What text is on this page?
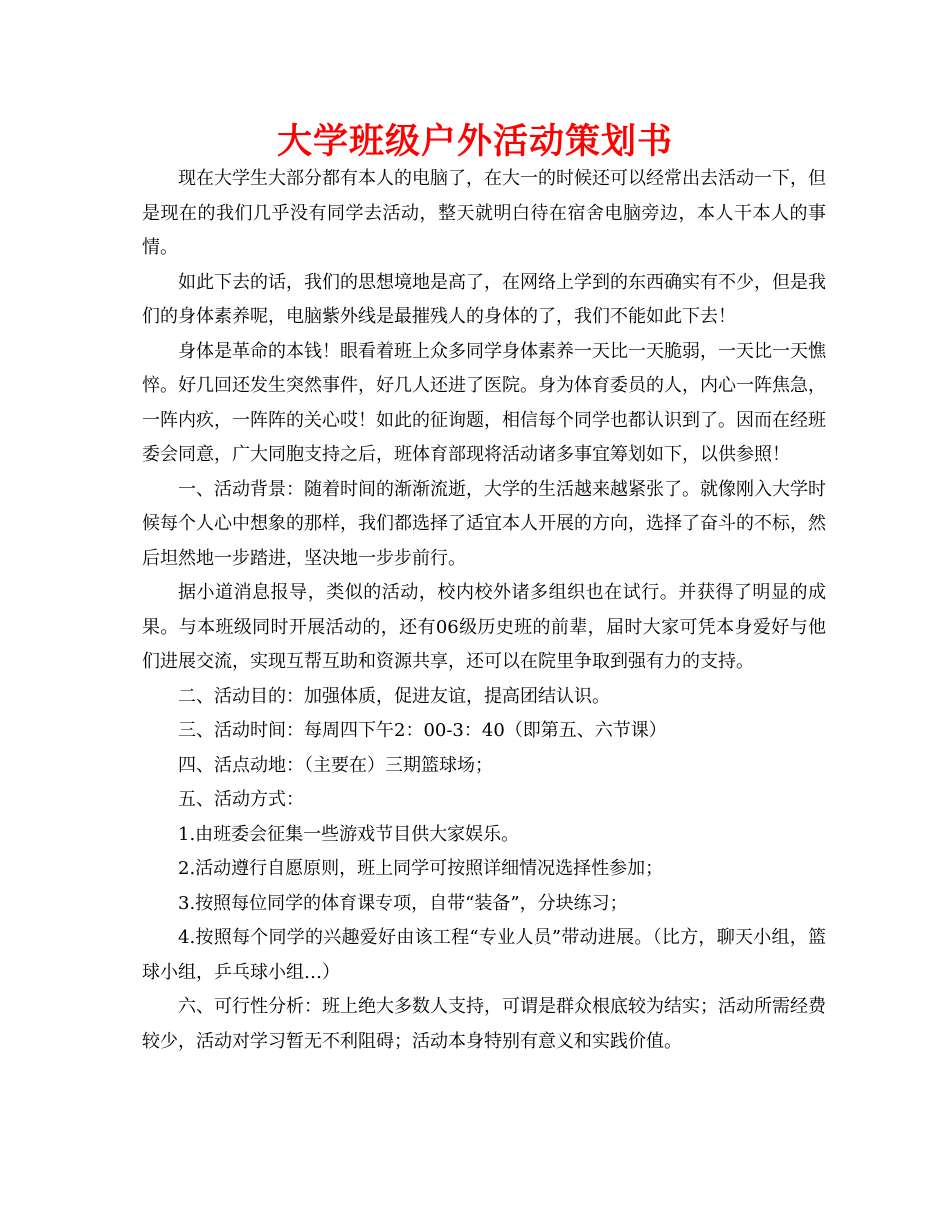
大学班级户外活动策划书

现在大学生大部分都有本人的电脑了，在大一的时候还可以经常出去活动一下，但是现在的我们几乎没有同学去活动，整天就明白待在宿舍电脑旁边，本人干本人的事情。

如此下去的话，我们的思想境地是高了，在网络上学到的东西确实有不少，但是我们的身体素养呢，电脑紫外线是最摧残人的身体的了，我们不能如此下去！

身体是革命的本钱！眼看着班上众多同学身体素养一天比一天脆弱，一天比一天憔悴。好几回还发生突然事件，好几人还进了医院。身为体育委员的人，内心一阵焦急，一阵内疚，一阵阵的关心哎！如此的征询题，相信每个同学也都认识到了。因而在经班委会同意，广大同胞支持之后，班体育部现将活动诸多事宜筹划如下，以供参照！

一、活动背景：随着时间的渐渐流逝，大学的生活越来越紧张了。就像刚入大学时候每个人心中想象的那样，我们都选择了适宜本人开展的方向，选择了奋斗的不标，然后坦然地一步踏进，坚决地一步步前行。

据小道消息报导，类似的活动，校内校外诸多组织也在试行。并获得了明显的成果。与本班级同时开展活动的，还有06级历史班的前辈，届时大家可凭本身爱好与他们进展交流，实现互帮互助和资源共享，还可以在院里争取到强有力的支持。

二、活动目的：加强体质，促进友谊，提高团结认识。

三、活动时间：每周四下午2：00-3：40（即第五、六节课）

四、活点动地：（主要在）三期篮球场；

五、活动方式：

1.由班委会征集一些游戏节目供大家娱乐。

2.活动遵行自愿原则，班上同学可按照详细情况选择性参加；

3.按照每位同学的体育课专项，自带“装备”，分块练习；

4.按照每个同学的兴趣爱好由该工程“专业人员”带动进展。（比方，聊天小组，篮球小组，乒乓球小组…）

六、可行性分析：班上绝大多数人支持，可谓是群众根底较为结实；活动所需经费较少，活动对学习暂无不利阻碍；活动本身特别有意义和实践价值。
